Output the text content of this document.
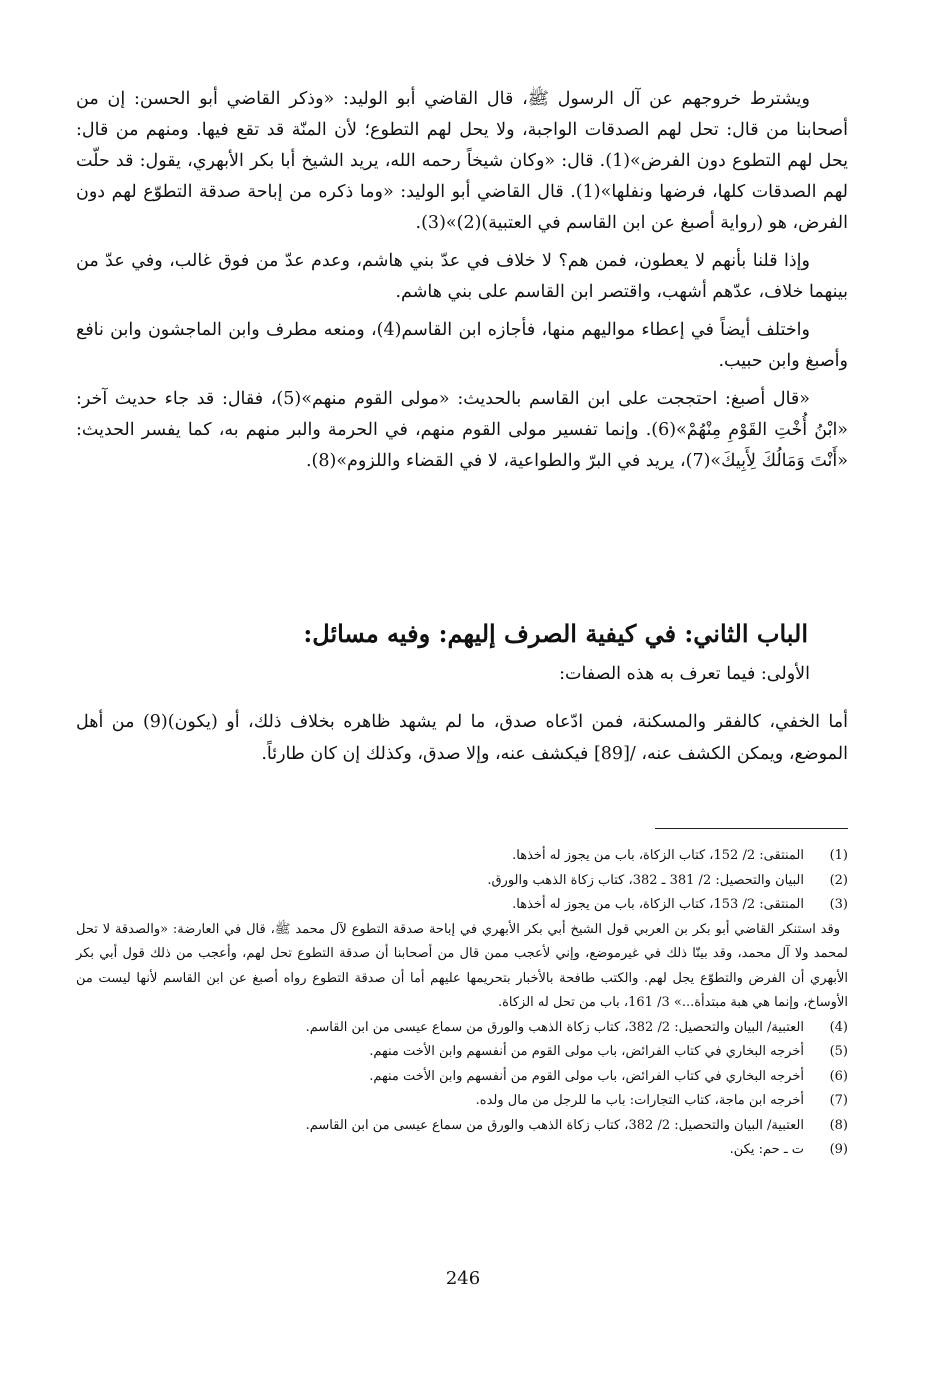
ويشترط خروجهم عن آل الرسول ﷺ، قال القاضي أبو الوليد: «وذكر القاضي أبو الحسن: إن من أصحابنا من قال: تحل لهم الصدقات الواجبة، ولا يحل لهم التطوع؛ لأن المنّة قد تقع فيها. ومنهم من قال: يحل لهم التطوع دون الفرض»(1). قال: «وكان شيخاً رحمه الله، يريد الشيخ أبا بكر الأبهري، يقول: قد حلّت لهم الصدقات كلها، فرضها ونفلها»(1). قال القاضي أبو الوليد: «وما ذكره من إباحة صدقة التطوّع لهم دون الفرض، هو (رواية أصبغ عن ابن القاسم في العتبية)(2)»(3).

وإذا قلنا بأنهم لا يعطون، فمن هم؟ لا خلاف في عدّ بني هاشم، وعدم عدّ من فوق غالب، وفي عدّ من بينهما خلاف، عدّهم أشهب، واقتصر ابن القاسم على بني هاشم.

واختلف أيضاً في إعطاء مواليهم منها، فأجازه ابن القاسم(4)، ومنعه مطرف وابن الماجشون وابن نافع وأصبغ وابن حبيب.

«قال أصبغ: احتججت على ابن القاسم بالحديث: «مولى القوم منهم»(5)، فقال: قد جاء حديث آخر: «ابْنُ أُخْتِ القَوْمِ مِنْهُمْ»(6). وإنما تفسير مولى القوم منهم، في الحرمة والبر منهم به، كما يفسر الحديث: «أَنْتَ وَمَالُكَ لِأَبِيكَ»(7)، يريد في البرّ والطواعية، لا في القضاء واللزوم»(8).

الباب الثاني: في كيفية الصرف إليهم: وفيه مسائل:
الأولى: فيما تعرف به هذه الصفات:

أما الخفي، كالفقر والمسكنة، فمن ادّعاه صدق، ما لم يشهد ظاهره بخلاف ذلك، أو (يكون)(9) من أهل الموضع، ويمكن الكشف عنه، /[89] فيكشف عنه، وإلا صدق، وكذلك إن كان طارئاً.

(1)المنتقى: 2/ 152، كتاب الزكاة، باب من يجوز له أخذها.

(2)البيان والتحصيل: 2/ 381 ـ 382، كتاب زكاة الذهب والورق.

(3)المنتقى: 2/ 153، كتاب الزكاة، باب من يجوز له أخذها.

وقد استنكر القاضي أبو بكر بن العربي قول الشيخ أبي بكر الأبهري في إباحة صدقة التطوع لآل محمد ﷺ، قال في العارضة: «والصدقة لا تحل لمحمد ولا آل محمد، وقد بينّا ذلك في غيرموضع، وإني لأعجب ممن قال من أصحابنا أن صدقة التطوع تحل لهم، وأعجب من ذلك قول أبي بكر الأبهري أن الفرض والتطوّع يجل لهم. والكتب طافحة بالأخبار بتحريمها عليهم أما أن صدقة التطوع رواه أصبغ عن ابن القاسم لأنها ليست من الأوساخ، وإنما هي هبة مبتدأة...» 3/ 161، باب من تحل له الزكاة.

(4)العتبية/ البيان والتحصيل: 2/ 382، كتاب زكاة الذهب والورق من سماع عيسى من ابن القاسم.

(5)أخرجه البخاري في كتاب الفرائض، باب مولى القوم من أنفسهم وابن الأخت منهم.

(6)أخرجه البخاري في كتاب الفرائض، باب مولى القوم من أنفسهم وابن الأخت منهم.

(7)أخرجه ابن ماجة، كتاب التجارات: باب ما للرجل من مال ولده.

(8)العتبية/ البيان والتحصيل: 2/ 382، كتاب زكاة الذهب والورق من سماع عيسى من ابن القاسم.

(9)ت ـ حم: يكن.

246
